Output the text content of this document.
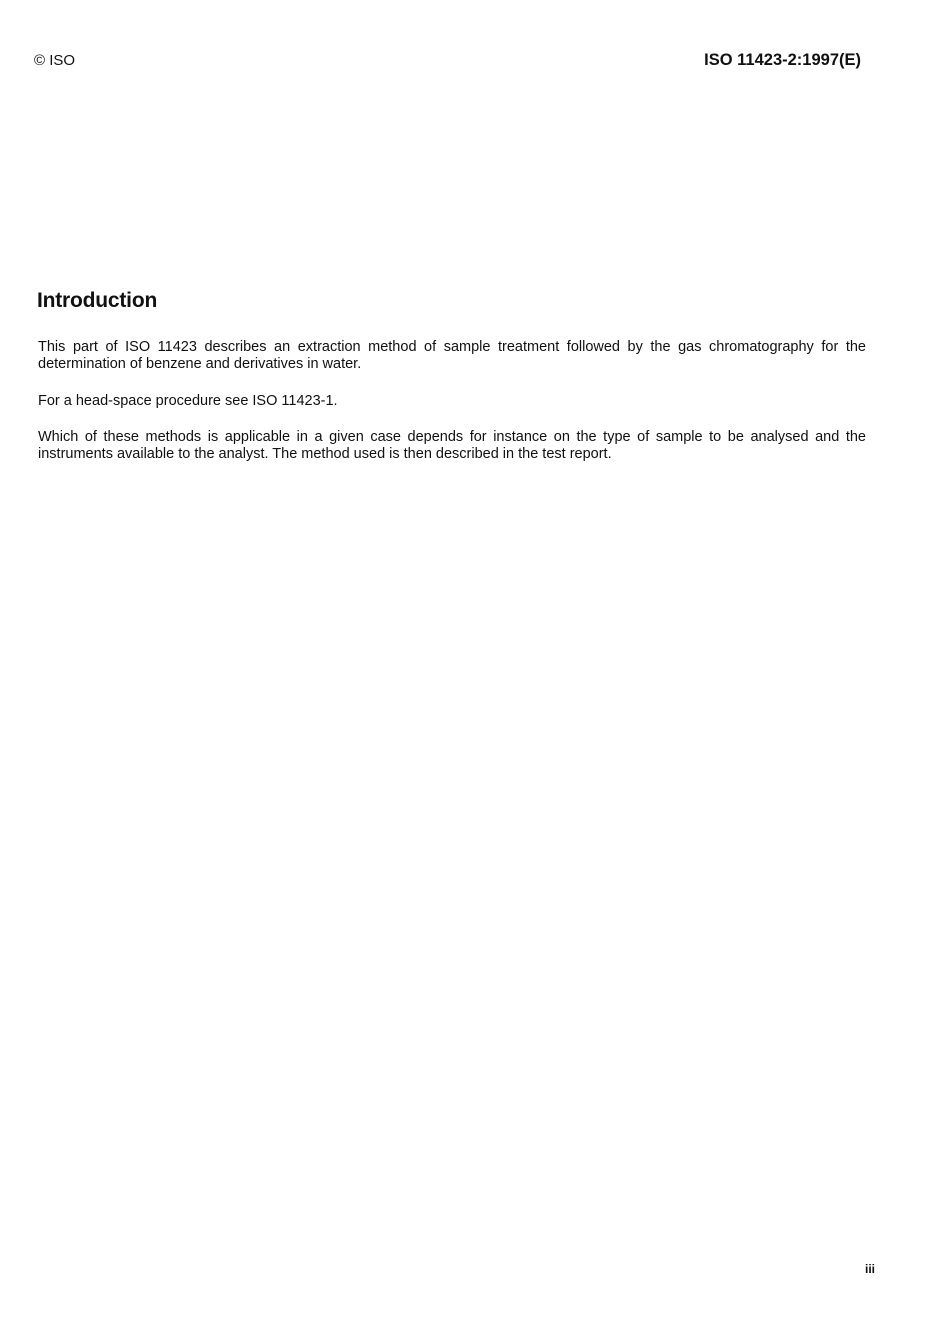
© ISO	ISO 11423-2:1997(E)
Introduction

This part of ISO 11423 describes an extraction method of sample treatment followed by the gas chromatography for the determination of benzene and derivatives in water.

For a head-space procedure see ISO 11423-1.

Which of these methods is applicable in a given case depends for instance on the type of sample to be analysed and the instruments available to the analyst. The method used is then described in the test report.

iii
